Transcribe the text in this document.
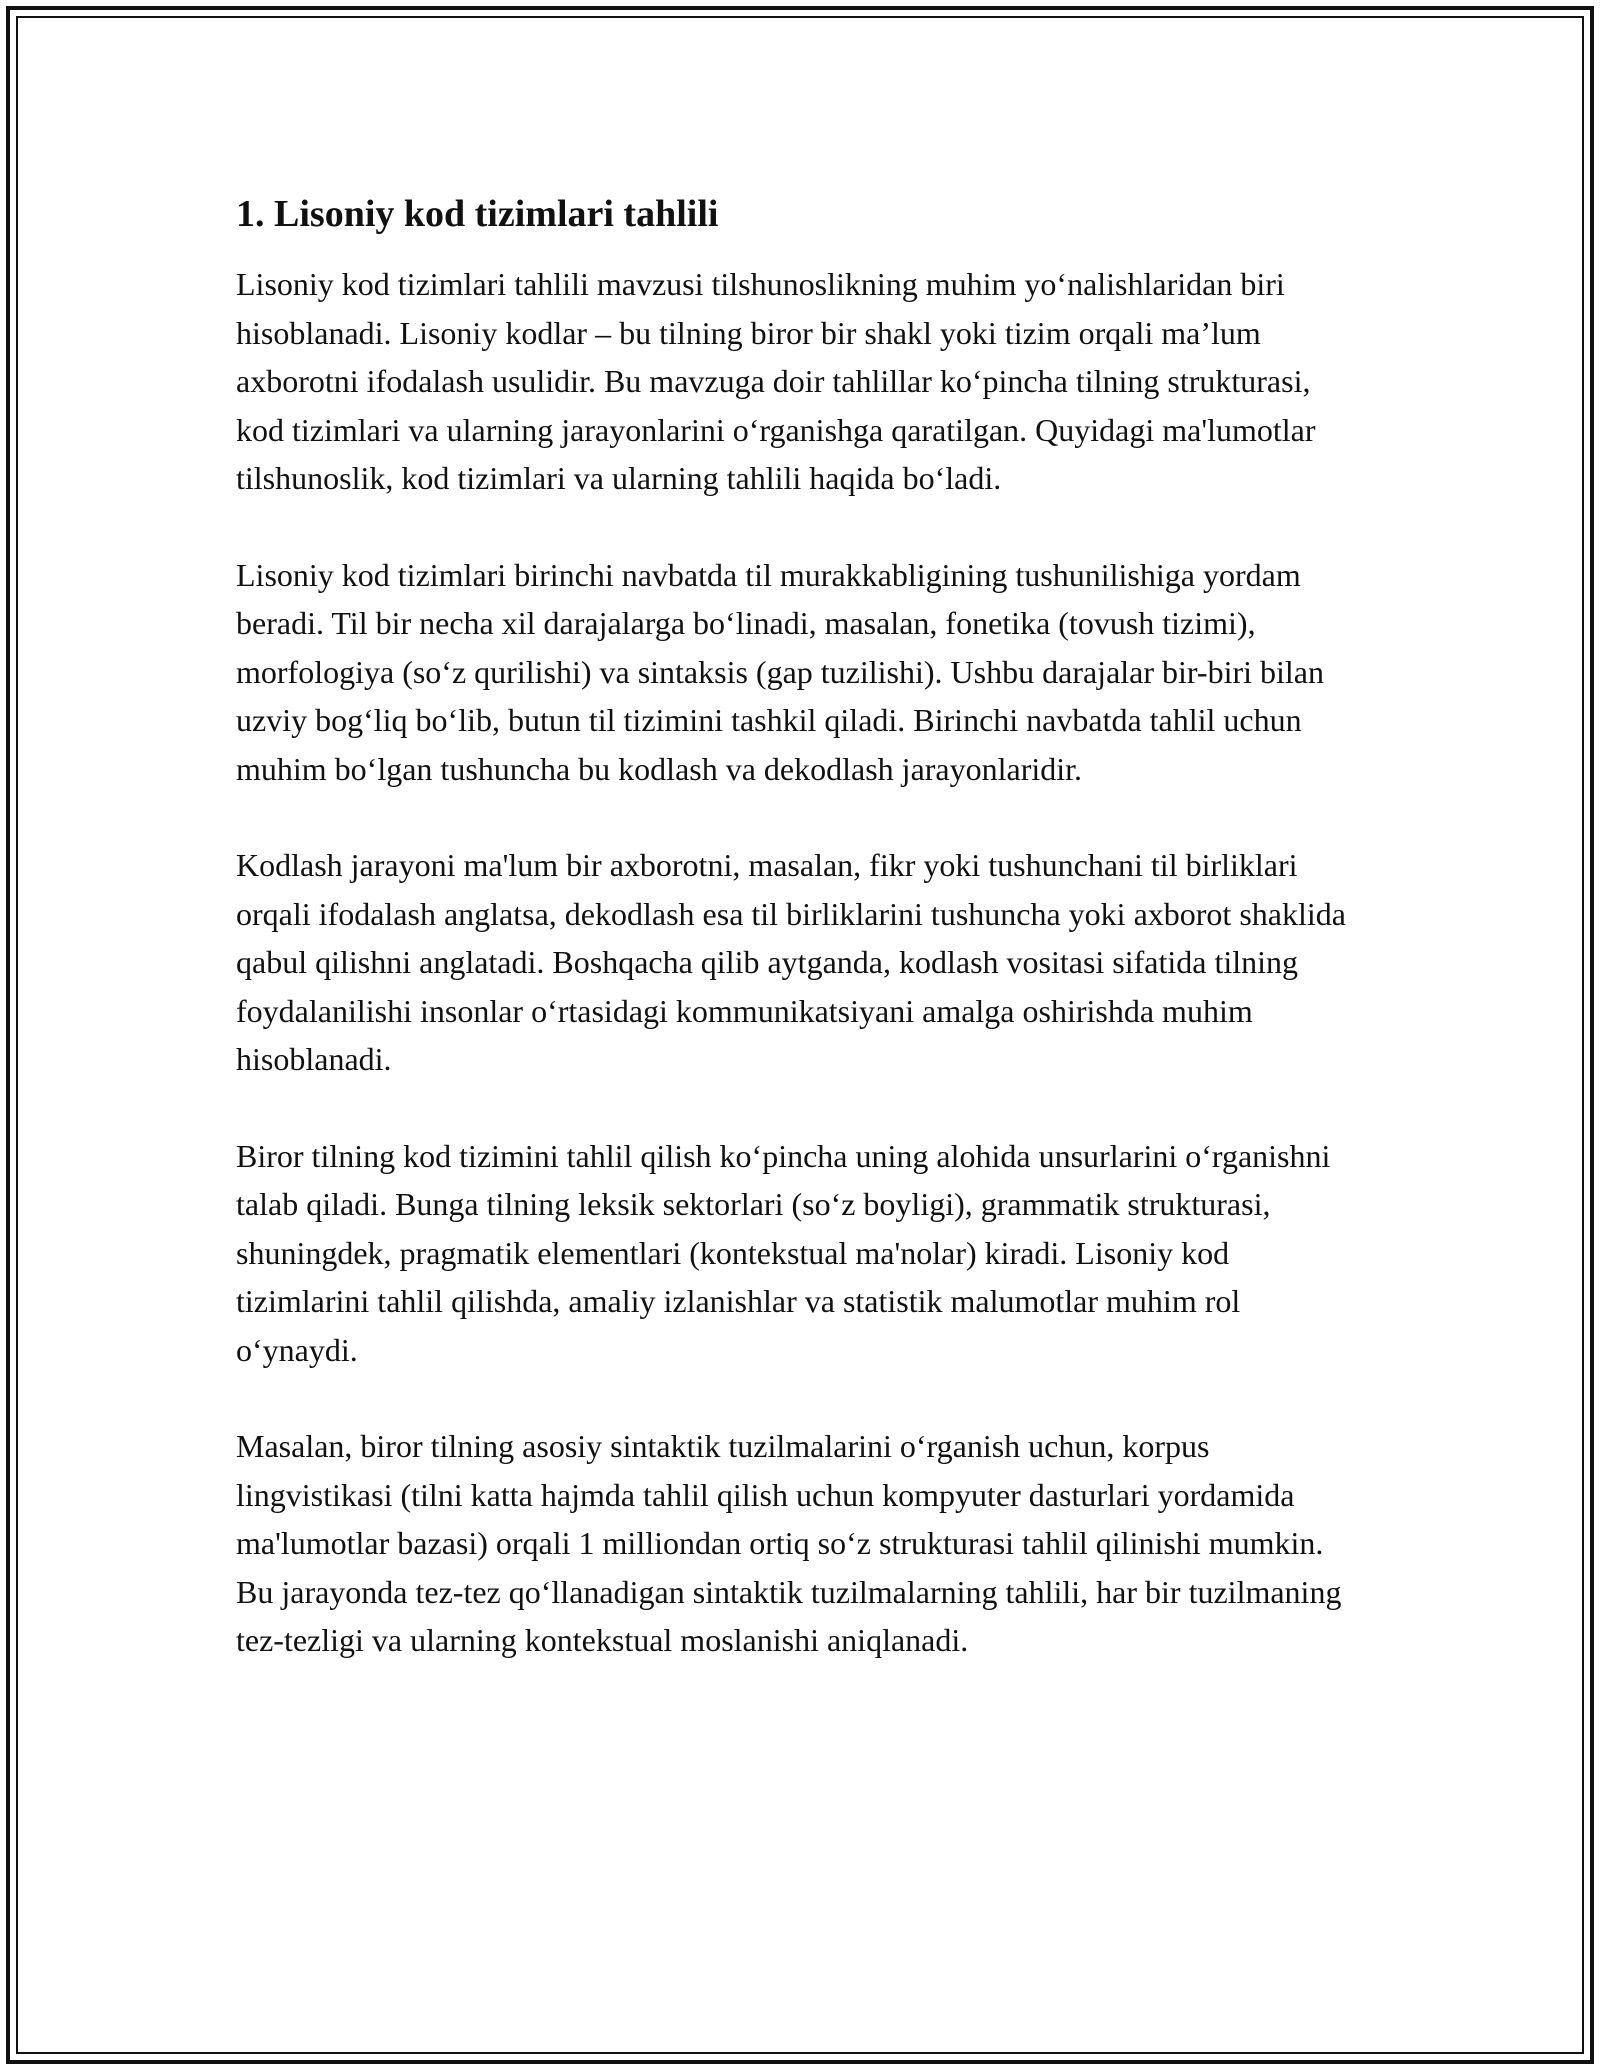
1. Lisoniy kod tizimlari tahlili

Lisoniy kod tizimlari tahlili mavzusi tilshunoslikning muhim yo‘nalishlaridan biri hisoblanadi. Lisoniy kodlar – bu tilning biror bir shakl yoki tizim orqali ma’lum axborotni ifodalash usulidir. Bu mavzuga doir tahlillar ko‘pincha tilning strukturasi, kod tizimlari va ularning jarayonlarini o‘rganishga qaratilgan. Quyidagi ma'lumotlar tilshunoslik, kod tizimlari va ularning tahlili haqida bo‘ladi.

Lisoniy kod tizimlari birinchi navbatda til murakkabligining tushunilishiga yordam beradi. Til bir necha xil darajalarga bo‘linadi, masalan, fonetika (tovush tizimi), morfologiya (so‘z qurilishi) va sintaksis (gap tuzilishi). Ushbu darajalar bir-biri bilan uzviy bog‘liq bo‘lib, butun til tizimini tashkil qiladi. Birinchi navbatda tahlil uchun muhim bo‘lgan tushuncha bu kodlash va dekodlash jarayonlaridir.

Kodlash jarayoni ma'lum bir axborotni, masalan, fikr yoki tushunchani til birliklari orqali ifodalash anglatsa, dekodlash esa til birliklarini tushuncha yoki axborot shaklida qabul qilishni anglatadi. Boshqacha qilib aytganda, kodlash vositasi sifatida tilning foydalanilishi insonlar o‘rtasidagi kommunikatsiyani amalga oshirishda muhim hisoblanadi.

Biror tilning kod tizimini tahlil qilish ko‘pincha uning alohida unsurlarini o‘rganishni talab qiladi. Bunga tilning leksik sektorlari (so‘z boyligi), grammatik strukturasi, shuningdek, pragmatik elementlari (kontekstual ma'nolar) kiradi. Lisoniy kod tizimlarini tahlil qilishda, amaliy izlanishlar va statistik malumotlar muhim rol o‘ynaydi.

Masalan, biror tilning asosiy sintaktik tuzilmalarini o‘rganish uchun, korpus lingvistikasi (tilni katta hajmda tahlil qilish uchun kompyuter dasturlari yordamida ma'lumotlar bazasi) orqali 1 milliondan ortiq so‘z strukturasi tahlil qilinishi mumkin. Bu jarayonda tez-tez qo‘llanadigan sintaktik tuzilmalarning tahlili, har bir tuzilmaning tez-tezligi va ularning kontekstual moslanishi aniqlanadi.
